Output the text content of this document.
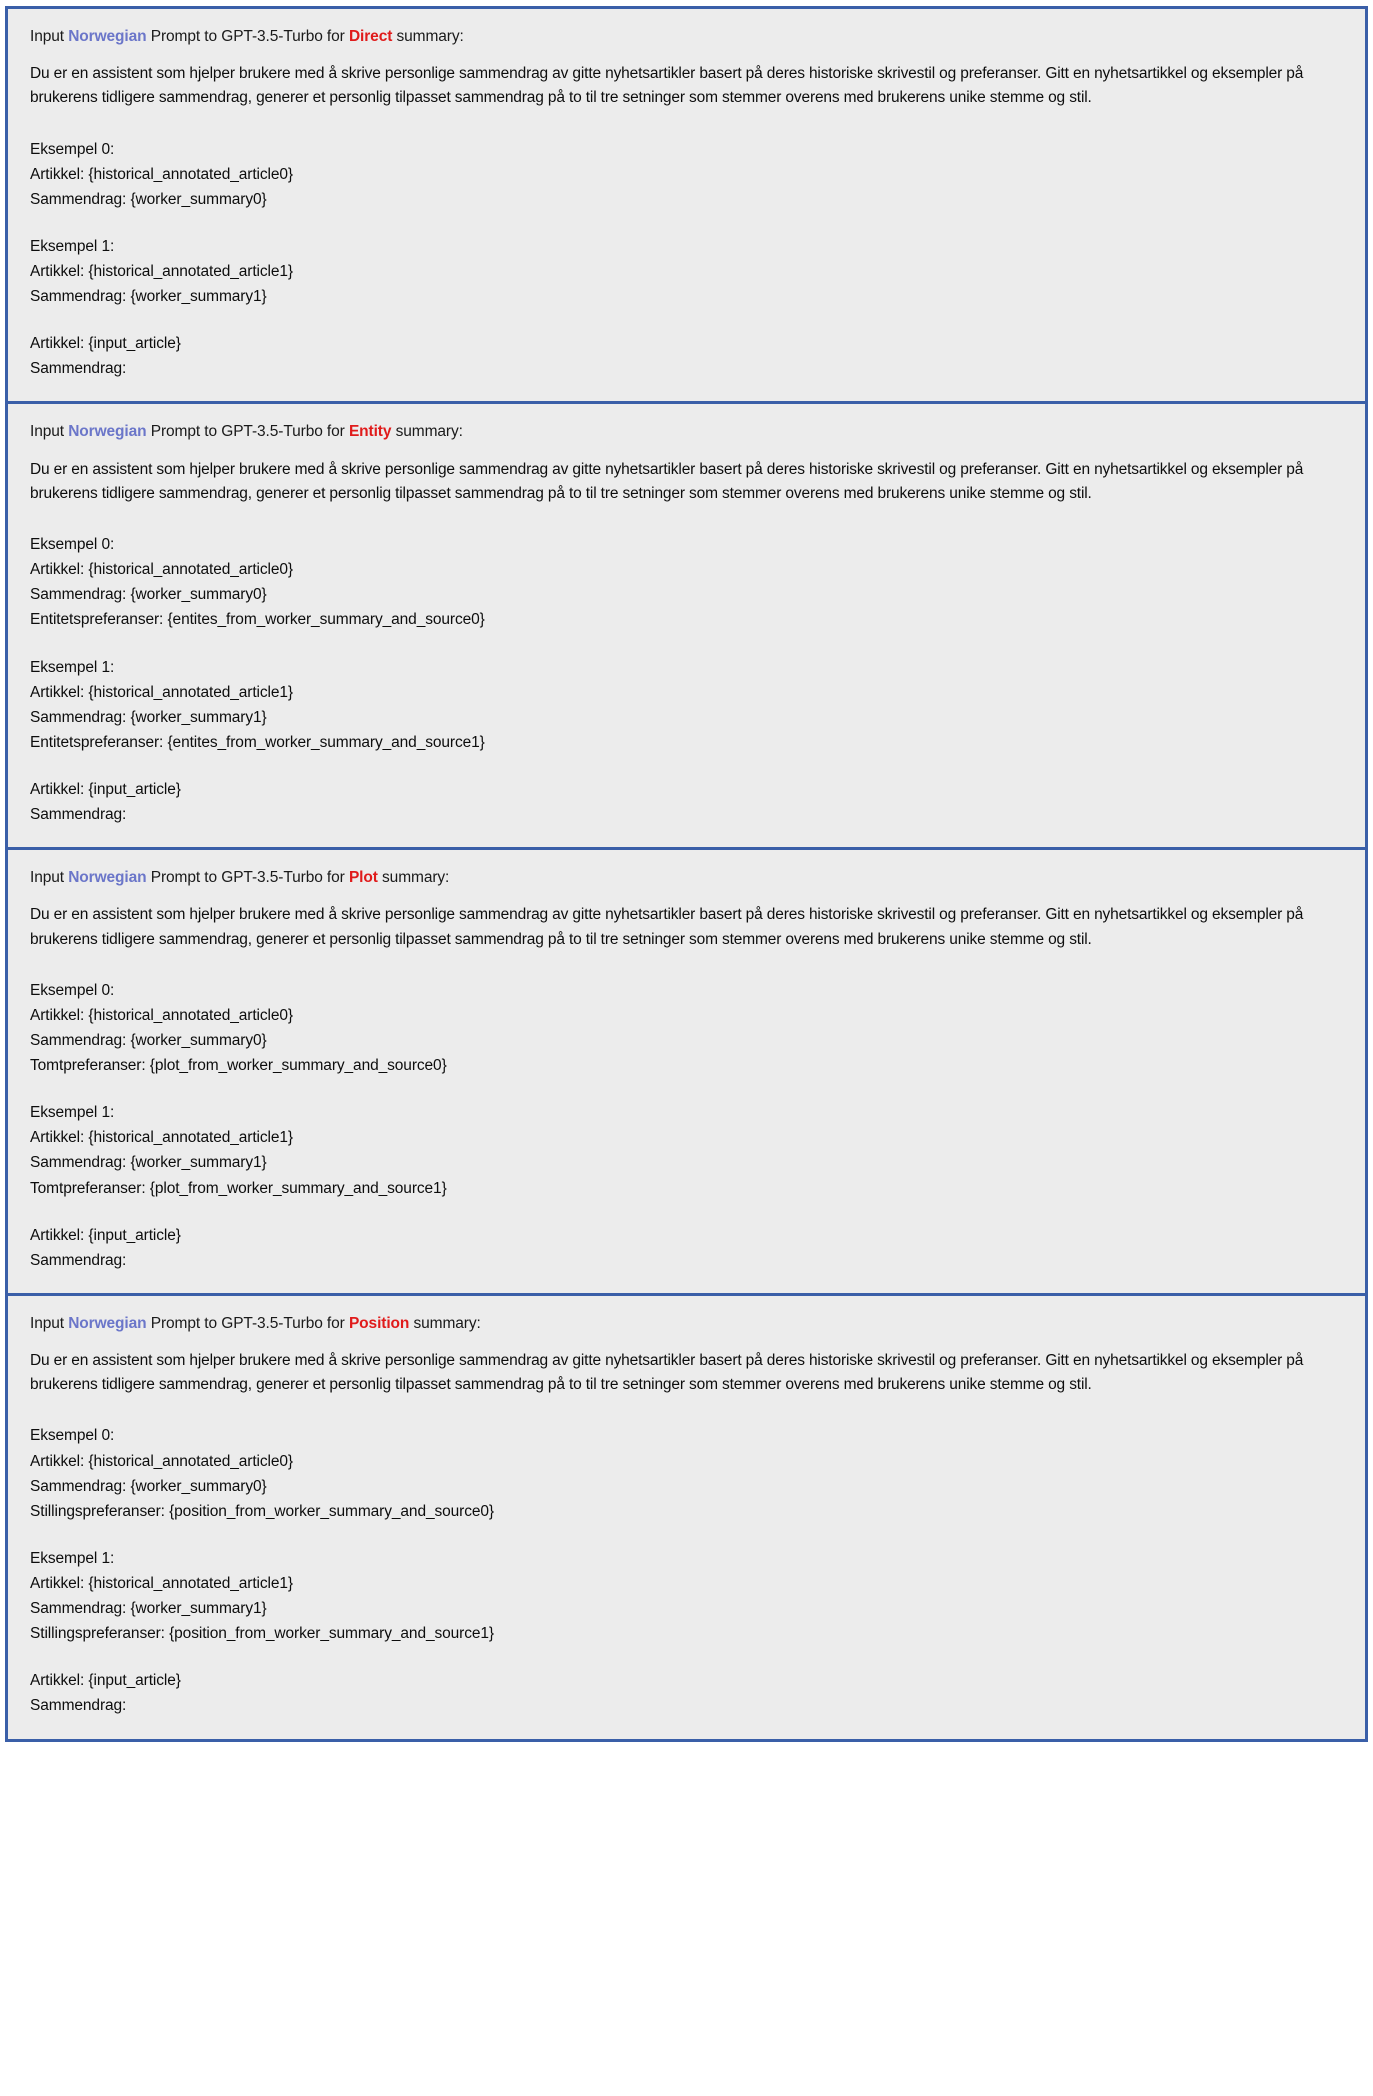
Input Norwegian Prompt to GPT-3.5-Turbo for Direct summary:

Du er en assistent som hjelper brukere med å skrive personlige sammendrag av gitte nyhetsartikler basert på deres historiske skrivestil og preferanser. Gitt en nyhetsartikkel og eksempler på brukerens tidligere sammendrag, generer et personlig tilpasset sammendrag på to til tre setninger som stemmer overens med brukerens unike stemme og stil.

Eksempel 0:

Artikkel: {historical_annotated_article0}

Sammendrag: {worker_summary0}

Eksempel 1:

Artikkel: {historical_annotated_article1}

Sammendrag: {worker_summary1}

Artikkel: {input_article}

Sammendrag:

Input Norwegian Prompt to GPT-3.5-Turbo for Entity summary:

Du er en assistent som hjelper brukere med å skrive personlige sammendrag av gitte nyhetsartikler basert på deres historiske skrivestil og preferanser. Gitt en nyhetsartikkel og eksempler på brukerens tidligere sammendrag, generer et personlig tilpasset sammendrag på to til tre setninger som stemmer overens med brukerens unike stemme og stil.

Eksempel 0:

Artikkel: {historical_annotated_article0}

Sammendrag: {worker_summary0}

Entitetspreferanser: {entites_from_worker_summary_and_source0}

Eksempel 1:

Artikkel: {historical_annotated_article1}

Sammendrag: {worker_summary1}

Entitetspreferanser: {entites_from_worker_summary_and_source1}

Artikkel: {input_article}

Sammendrag:

Input Norwegian Prompt to GPT-3.5-Turbo for Plot summary:

Du er en assistent som hjelper brukere med å skrive personlige sammendrag av gitte nyhetsartikler basert på deres historiske skrivestil og preferanser. Gitt en nyhetsartikkel og eksempler på brukerens tidligere sammendrag, generer et personlig tilpasset sammendrag på to til tre setninger som stemmer overens med brukerens unike stemme og stil.

Eksempel 0:

Artikkel: {historical_annotated_article0}

Sammendrag: {worker_summary0}

Tomtpreferanser: {plot_from_worker_summary_and_source0}

Eksempel 1:

Artikkel: {historical_annotated_article1}

Sammendrag: {worker_summary1}

Tomtpreferanser: {plot_from_worker_summary_and_source1}

Artikkel: {input_article}

Sammendrag:

Input Norwegian Prompt to GPT-3.5-Turbo for Position summary:

Du er en assistent som hjelper brukere med å skrive personlige sammendrag av gitte nyhetsartikler basert på deres historiske skrivestil og preferanser. Gitt en nyhetsartikkel og eksempler på brukerens tidligere sammendrag, generer et personlig tilpasset sammendrag på to til tre setninger som stemmer overens med brukerens unike stemme og stil.

Eksempel 0:

Artikkel: {historical_annotated_article0}

Sammendrag: {worker_summary0}

Stillingspreferanser: {position_from_worker_summary_and_source0}

Eksempel 1:

Artikkel: {historical_annotated_article1}

Sammendrag: {worker_summary1}

Stillingspreferanser: {position_from_worker_summary_and_source1}

Artikkel: {input_article}

Sammendrag:
